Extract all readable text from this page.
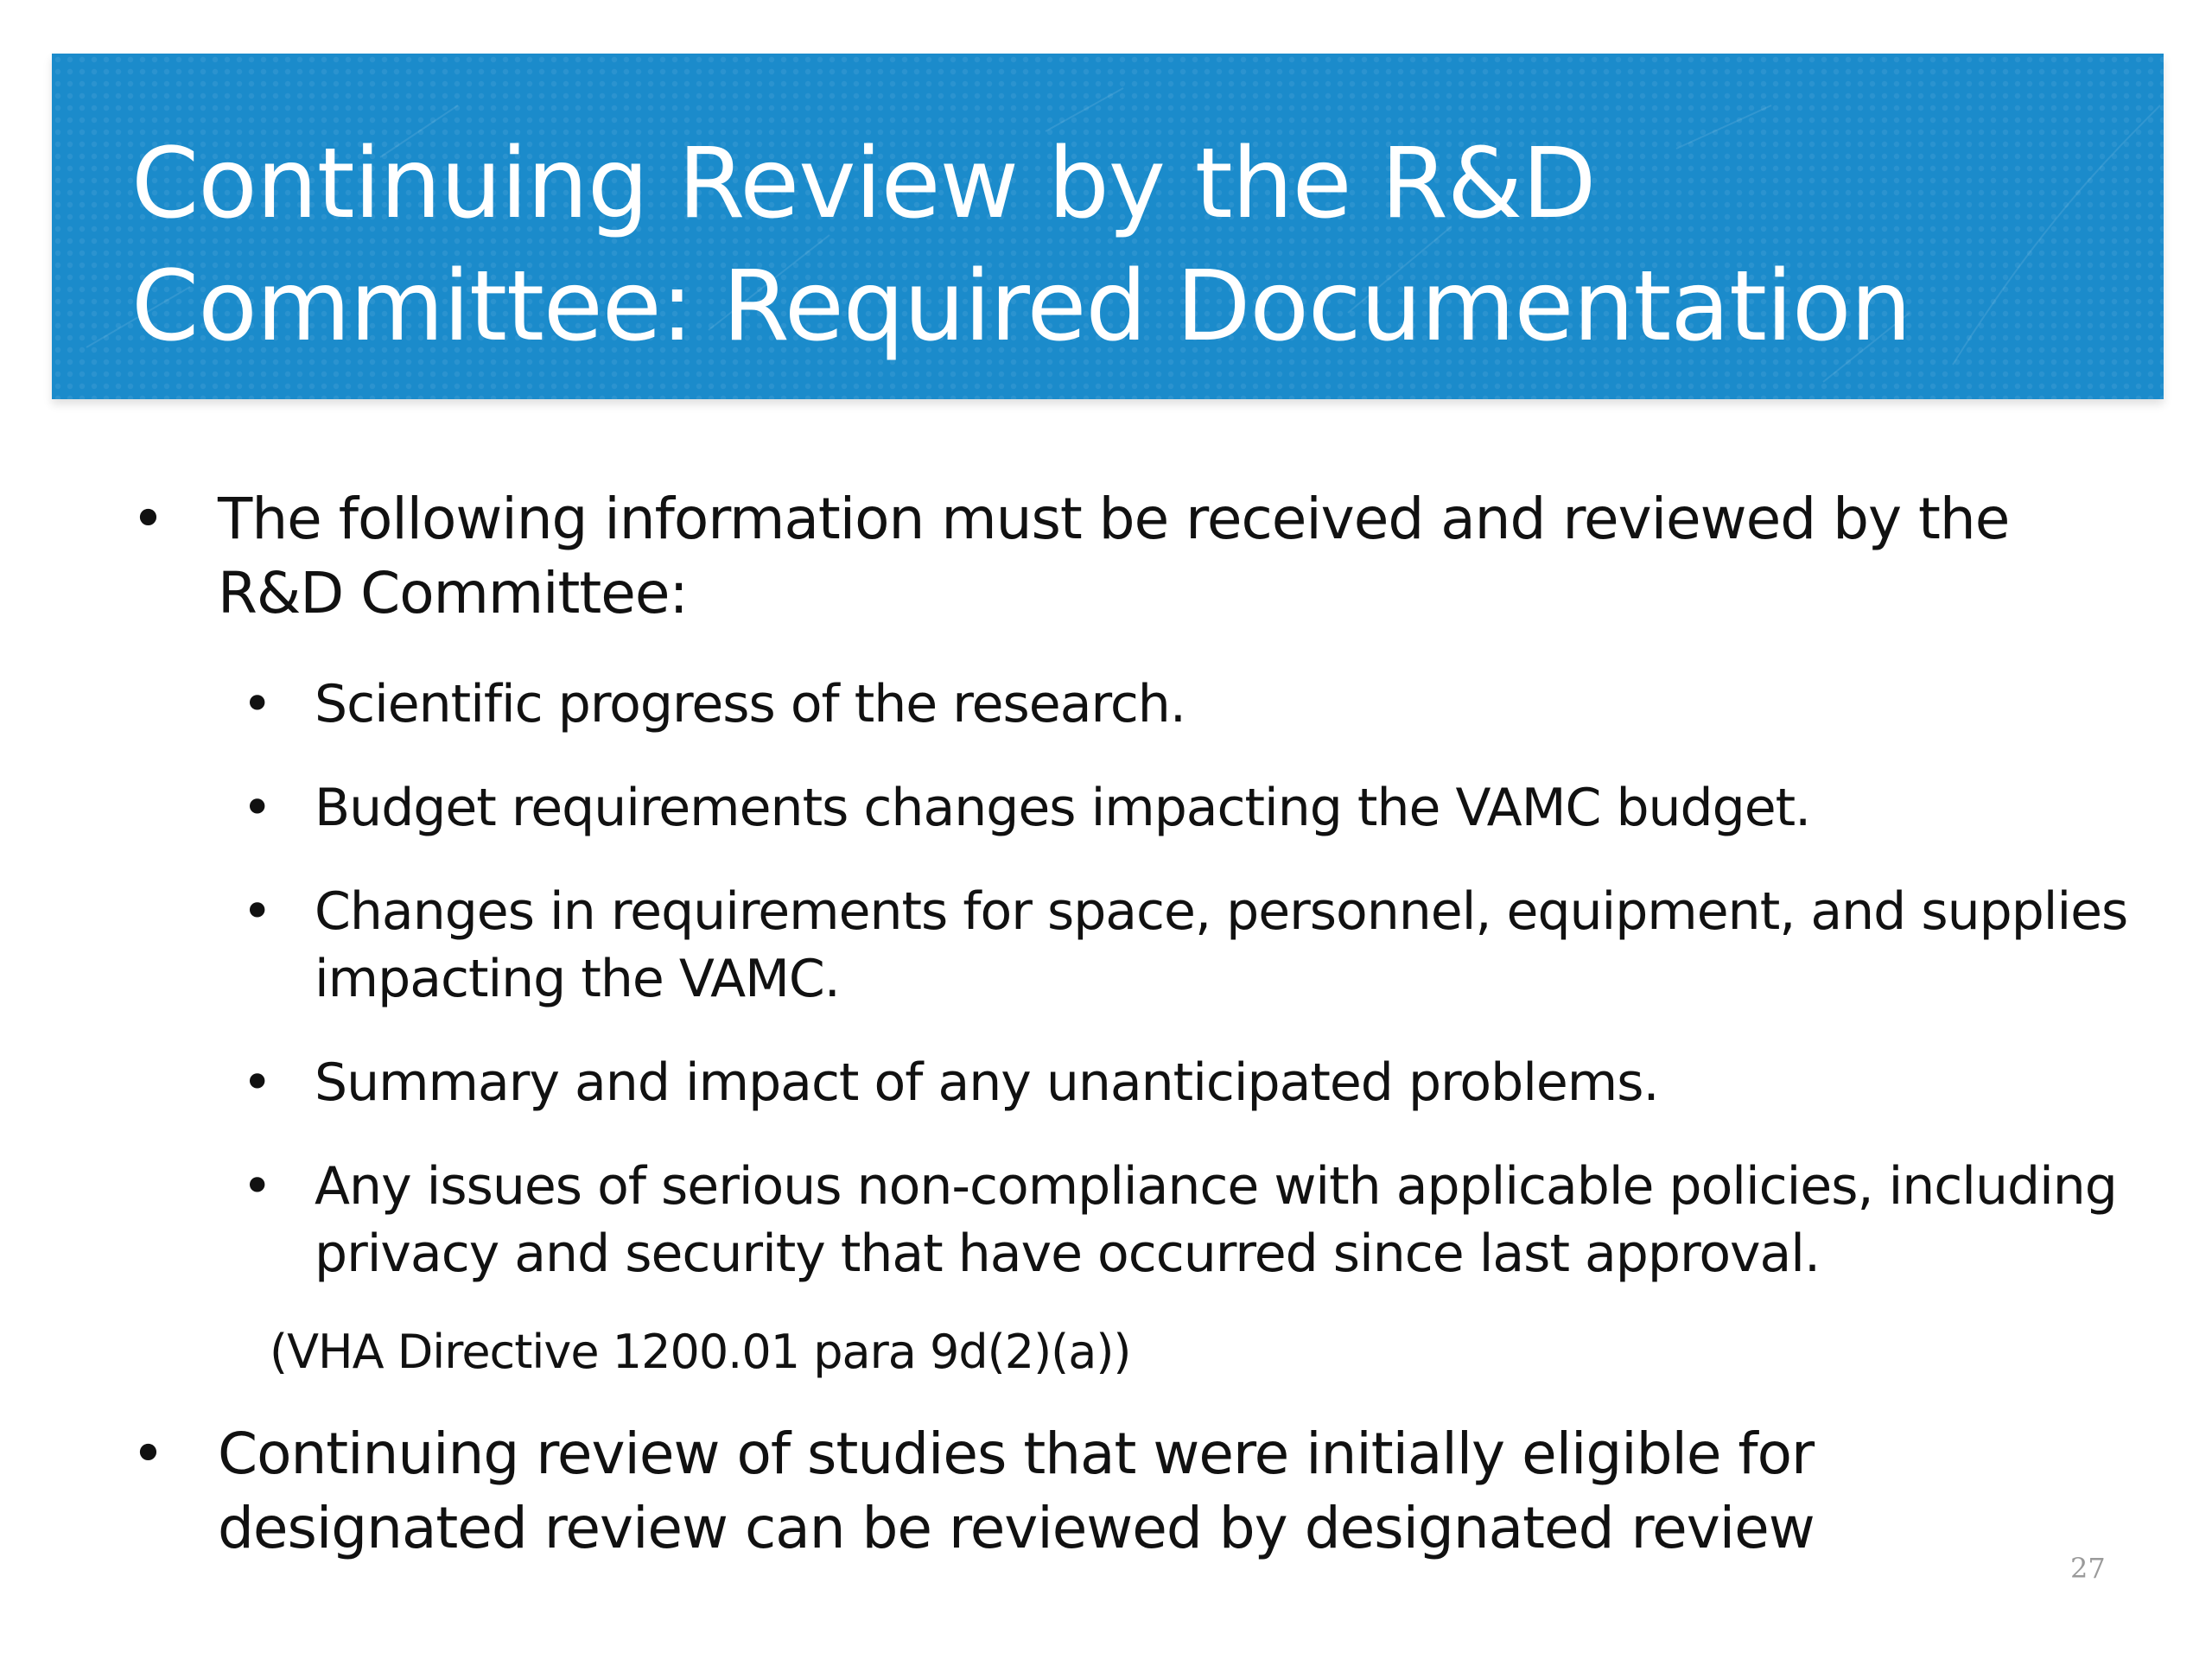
Continuing Review by the R&D
Committee: Required Documentation
• The following information must be received and reviewed by the
R&D Committee:
• Scientific progress of the research.
• Budget requirements changes impacting the VAMC budget.
• Changes in requirements for space, personnel, equipment, and supplies
impacting the VAMC.
• Summary and impact of any unanticipated problems.
• Any issues of serious non-compliance with applicable policies, including
privacy and security that have occurred since last approval.
(VHA Directive 1200.01 para 9d(2)(a))
• Continuing review of studies that were initially eligible for
designated review can be reviewed by designated review
27
